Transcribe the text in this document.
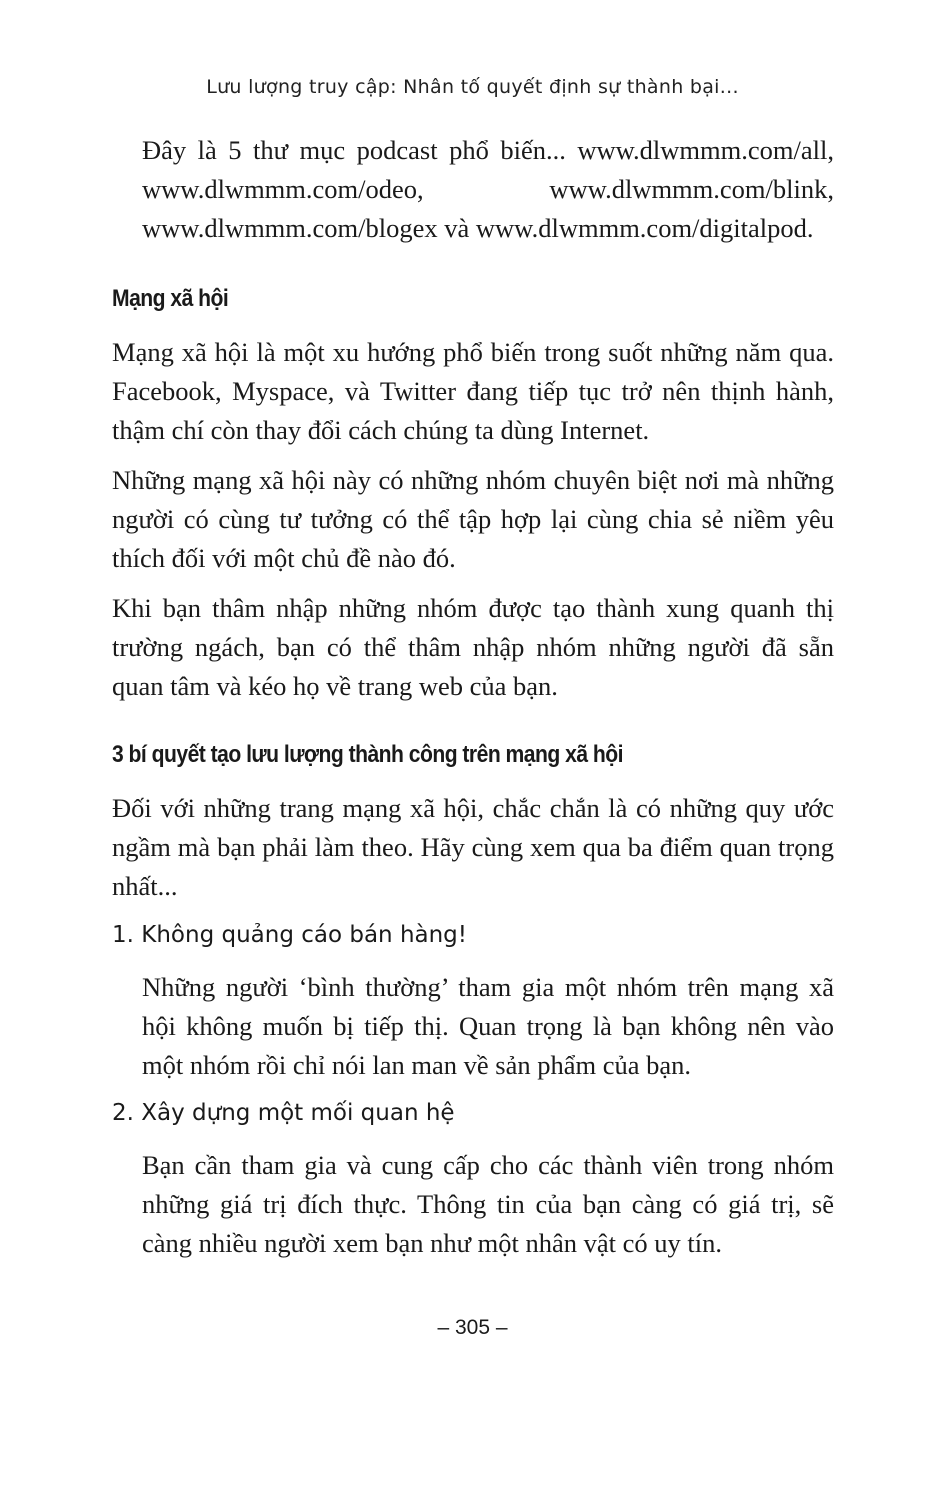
Lưu lượng truy cập: Nhân tố quyết định sự thành bại...

Đây là 5 thư mục podcast phổ biến... www.dlwmmm.com/all, www.dlwmmm.com/odeo, www.dlwmmm.com/blink, www.dlwmmm.com/blogex và www.dlwmmm.com/digitalpod.

Mạng xã hội

Mạng xã hội là một xu hướng phổ biến trong suốt những năm qua. Facebook, Myspace, và Twitter đang tiếp tục trở nên thịnh hành, thậm chí còn thay đổi cách chúng ta dùng Internet.

Những mạng xã hội này có những nhóm chuyên biệt nơi mà những người có cùng tư tưởng có thể tập hợp lại cùng chia sẻ niềm yêu thích đối với một chủ đề nào đó.

Khi bạn thâm nhập những nhóm được tạo thành xung quanh thị trường ngách, bạn có thể thâm nhập nhóm những người đã sẵn quan tâm và kéo họ về trang web của bạn.

3 bí quyết tạo lưu lượng thành công trên mạng xã hội

Đối với những trang mạng xã hội, chắc chắn là có những quy ước ngầm mà bạn phải làm theo. Hãy cùng xem qua ba điểm quan trọng nhất...

1. Không quảng cáo bán hàng!

Những người ‘bình thường’ tham gia một nhóm trên mạng xã hội không muốn bị tiếp thị. Quan trọng là bạn không nên vào một nhóm rồi chỉ nói lan man về sản phẩm của bạn.

2. Xây dựng một mối quan hệ

Bạn cần tham gia và cung cấp cho các thành viên trong nhóm những giá trị đích thực. Thông tin của bạn càng có giá trị, sẽ càng nhiều người xem bạn như một nhân vật có uy tín.

– 305 –
